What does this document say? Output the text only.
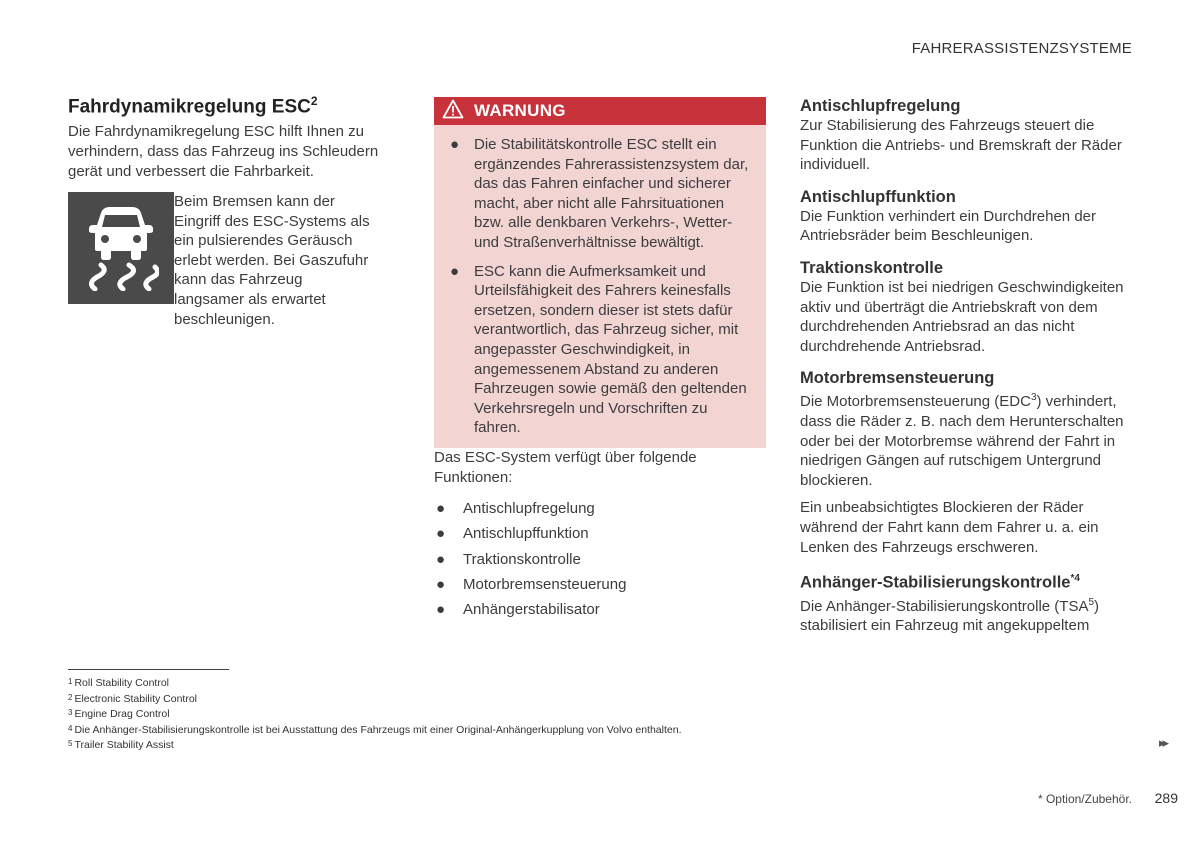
FAHRERASSISTENZSYSTEME
Fahrdynamikregelung ESC$^2$

Die Fahrdynamikregelung ESC hilft Ihnen zu verhindern, dass das Fahrzeug ins Schleudern gerät und verbessert die Fahrbarkeit.

Beim Bremsen kann der Eingriff des ESC-Systems als ein pulsierendes Geräusch erlebt werden. Bei Gaszufuhr kann das Fahrzeug langsamer als erwartet beschleunigen.

WARNUNG
● Die Stabilitätskontrolle ESC stellt ein ergänzendes Fahrerassistenzsystem dar, das das Fahren einfacher und sicherer macht, aber nicht alle Fahrsituationen bzw. alle denkbaren Verkehrs-, Wetter- und Straßenverhältnisse bewältigt.
● ESC kann die Aufmerksamkeit und Urteilsfähigkeit des Fahrers keinesfalls ersetzen, sondern dieser ist stets dafür verantwortlich, das Fahrzeug sicher, mit angepasster Geschwindigkeit, in angemessenem Abstand zu anderen Fahrzeugen sowie gemäß den geltenden Verkehrsregeln und Vorschriften zu fahren.

Das ESC-System verfügt über folgende Funktionen:

● Antischlupfregelung
● Antischlupffunktion
● Traktionskontrolle
● Motorbremsensteuerung
● Anhängerstabilisator
Antischlupfregelung

Zur Stabilisierung des Fahrzeugs steuert die Funktion die Antriebs- und Bremskraft der Räder individuell.

Antischlupffunktion

Die Funktion verhindert ein Durchdrehen der Antriebsräder beim Beschleunigen.

Traktionskontrolle

Die Funktion ist bei niedrigen Geschwindigkeiten aktiv und überträgt die Antriebskraft von dem durchdrehenden Antriebsrad an das nicht durchdrehende Antriebsrad.

Motorbremsensteuerung

Die Motorbremsensteuerung (EDC$^3$) verhindert, dass die Räder z. B. nach dem Herunterschalten oder bei der Motorbremse während der Fahrt in niedrigen Gängen auf rutschigem Untergrund blockieren.

Ein unbeabsichtigtes Blockieren der Räder während der Fahrt kann dem Fahrer u. a. ein Lenken des Fahrzeugs erschweren.

Anhänger-Stabilisierungskontrolle$^{*4}$

Die Anhänger-Stabilisierungskontrolle (TSA$^5$) stabilisiert ein Fahrzeug mit angekuppeltem

1 Roll Stability Control
2 Electronic Stability Control
3 Engine Drag Control
4 Die Anhänger-Stabilisierungskontrolle ist bei Ausstattung des Fahrzeugs mit einer Original-Anhängerkupplung von Volvo enthalten.
5 Trailer Stability Assist	▸▸
* Option/Zubehör. 289
